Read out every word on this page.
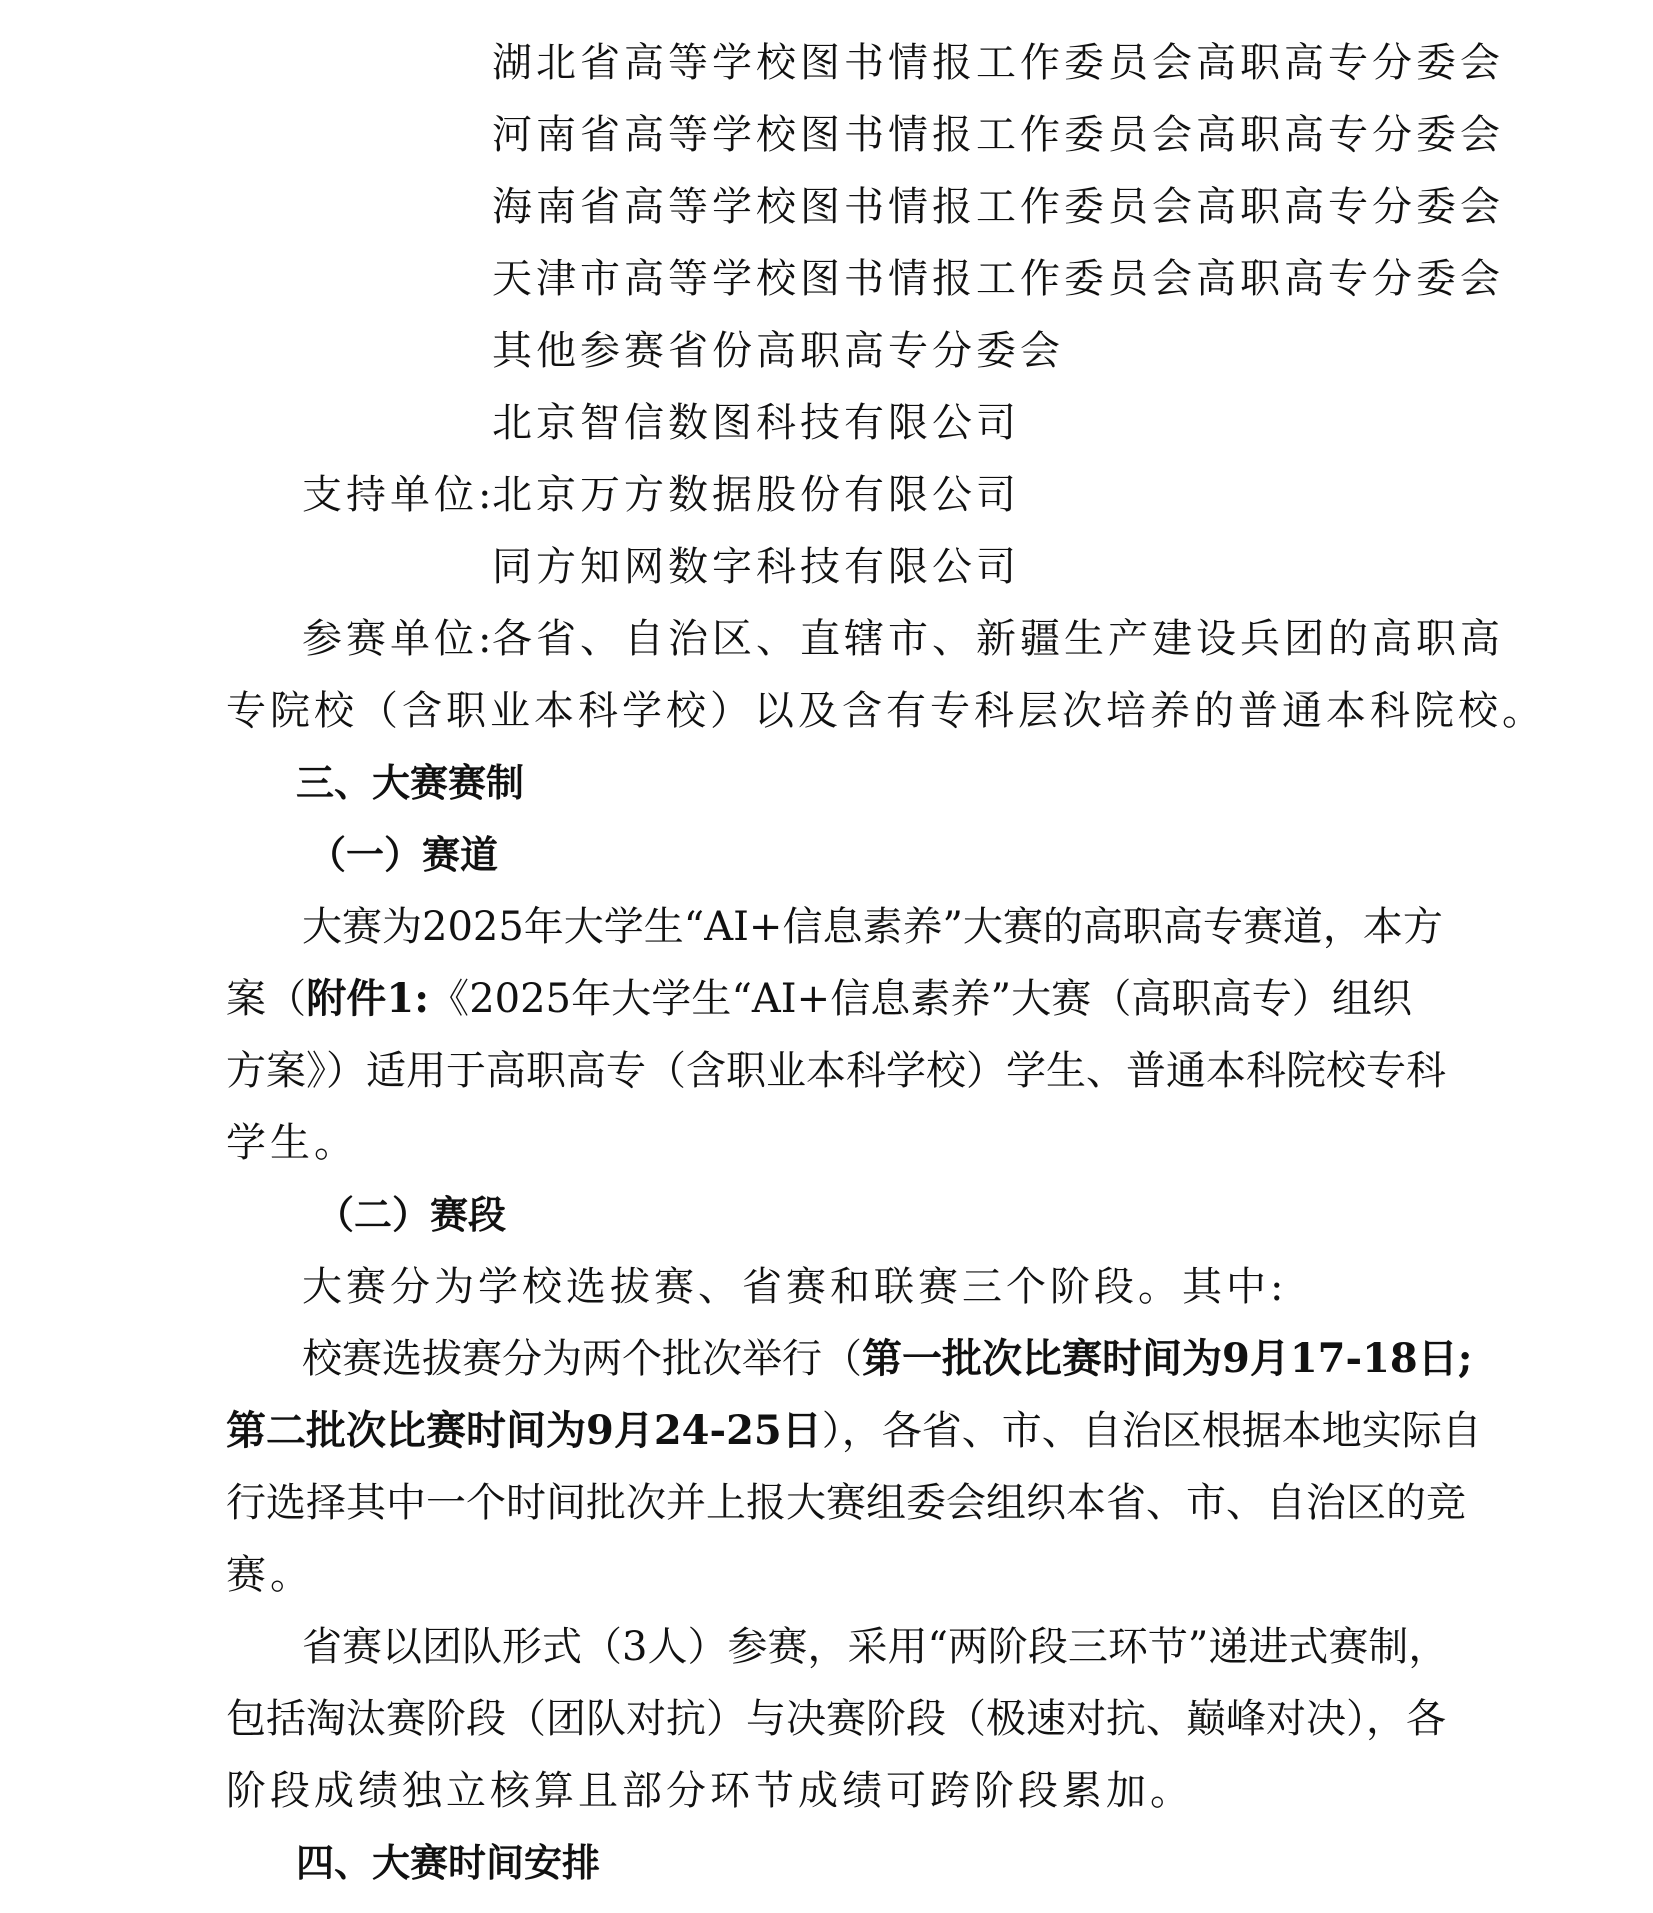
湖北省高等学校图书情报工作委员会高职高专分委会
河南省高等学校图书情报工作委员会高职高专分委会
海南省高等学校图书情报工作委员会高职高专分委会
天津市高等学校图书情报工作委员会高职高专分委会
其他参赛省份高职高专分委会
北京智信数图科技有限公司
支持单位:
北京万方数据股份有限公司
同方知网数字科技有限公司
参赛单位:
各省、自治区、直辖市、新疆生产建设兵团的高职高
专院校（含职业本科学校）以及含有专科层次培养的普通本科院校。
三、大赛赛制
（一）赛道
大赛为2025年大学生“AI+信息素养”大赛的高职高专赛道，本方
案（附件1:《2025年大学生“AI+信息素养”大赛（高职高专）组织
方案》）适用于高职高专（含职业本科学校）学生、普通本科院校专科
学生。
（二）赛段
大赛分为学校选拔赛、省赛和联赛三个阶段。其中:
校赛选拔赛分为两个批次举行（第一批次比赛时间为9月17-18日;
第二批次比赛时间为9月24-25日），各省、市、自治区根据本地实际自
行选择其中一个时间批次并上报大赛组委会组织本省、市、自治区的竞
赛。
省赛以团队形式（3人）参赛，采用“两阶段三环节”递进式赛制，
包括淘汰赛阶段（团队对抗）与决赛阶段（极速对抗、巅峰对决），各
阶段成绩独立核算且部分环节成绩可跨阶段累加。
四、大赛时间安排
